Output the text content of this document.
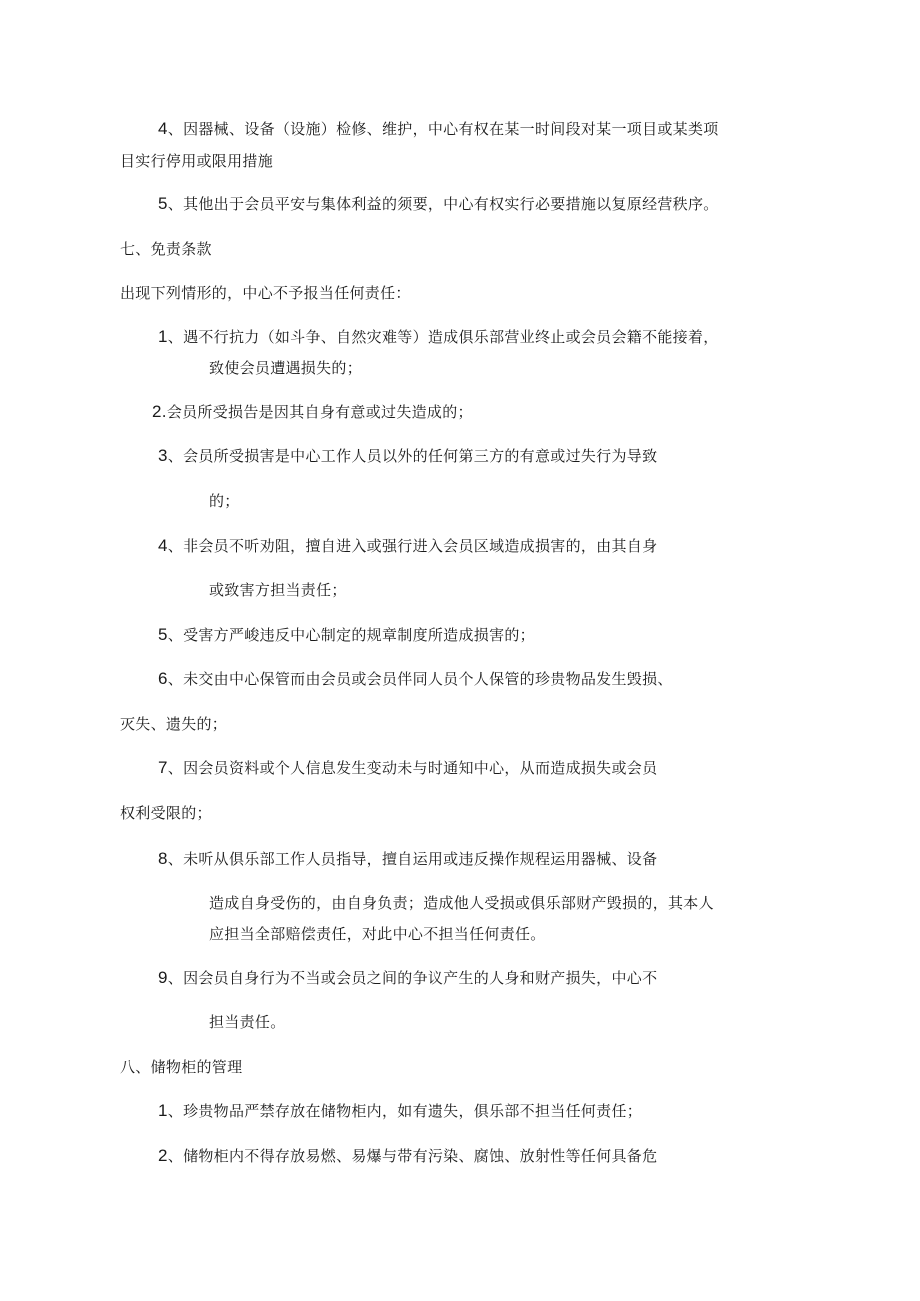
4、因器械、设备（设施）检修、维护，中心有权在某一时间段对某一项目或某类项
目实行停用或限用措施
5、其他出于会员平安与集体利益的须要，中心有权实行必要措施以复原经营秩序。
七、免责条款
出现下列情形的，中心不予报当任何责任：
1、遇不行抗力（如斗争、自然灾难等）造成俱乐部营业终止或会员会籍不能接着，
致使会员遭遇损失的；
2.会员所受损告是因其自身有意或过失造成的；
3、会员所受损害是中心工作人员以外的任何第三方的有意或过失行为导致
的；
4、非会员不听劝阻，擅自进入或强行进入会员区域造成损害的，由其自身
或致害方担当责任；
5、受害方严峻违反中心制定的规章制度所造成损害的；
6、未交由中心保管而由会员或会员伴同人员个人保管的珍贵物品发生毁损、
灭失、遗失的；
7、因会员资料或个人信息发生变动未与时通知中心，从而造成损失或会员
权利受限的；
8、未听从俱乐部工作人员指导，擅自运用或违反操作规程运用器械、设备
造成自身受伤的，由自身负责；造成他人受损或俱乐部财产毁损的，其本人
应担当全部赔偿责任，对此中心不担当任何责任。
9、因会员自身行为不当或会员之间的争议产生的人身和财产损失，中心不
担当责任。
八、储物柜的管理
1、珍贵物品严禁存放在储物柜内，如有遗失，俱乐部不担当任何责任；
2、储物柜内不得存放易燃、易爆与带有污染、腐蚀、放射性等任何具备危
